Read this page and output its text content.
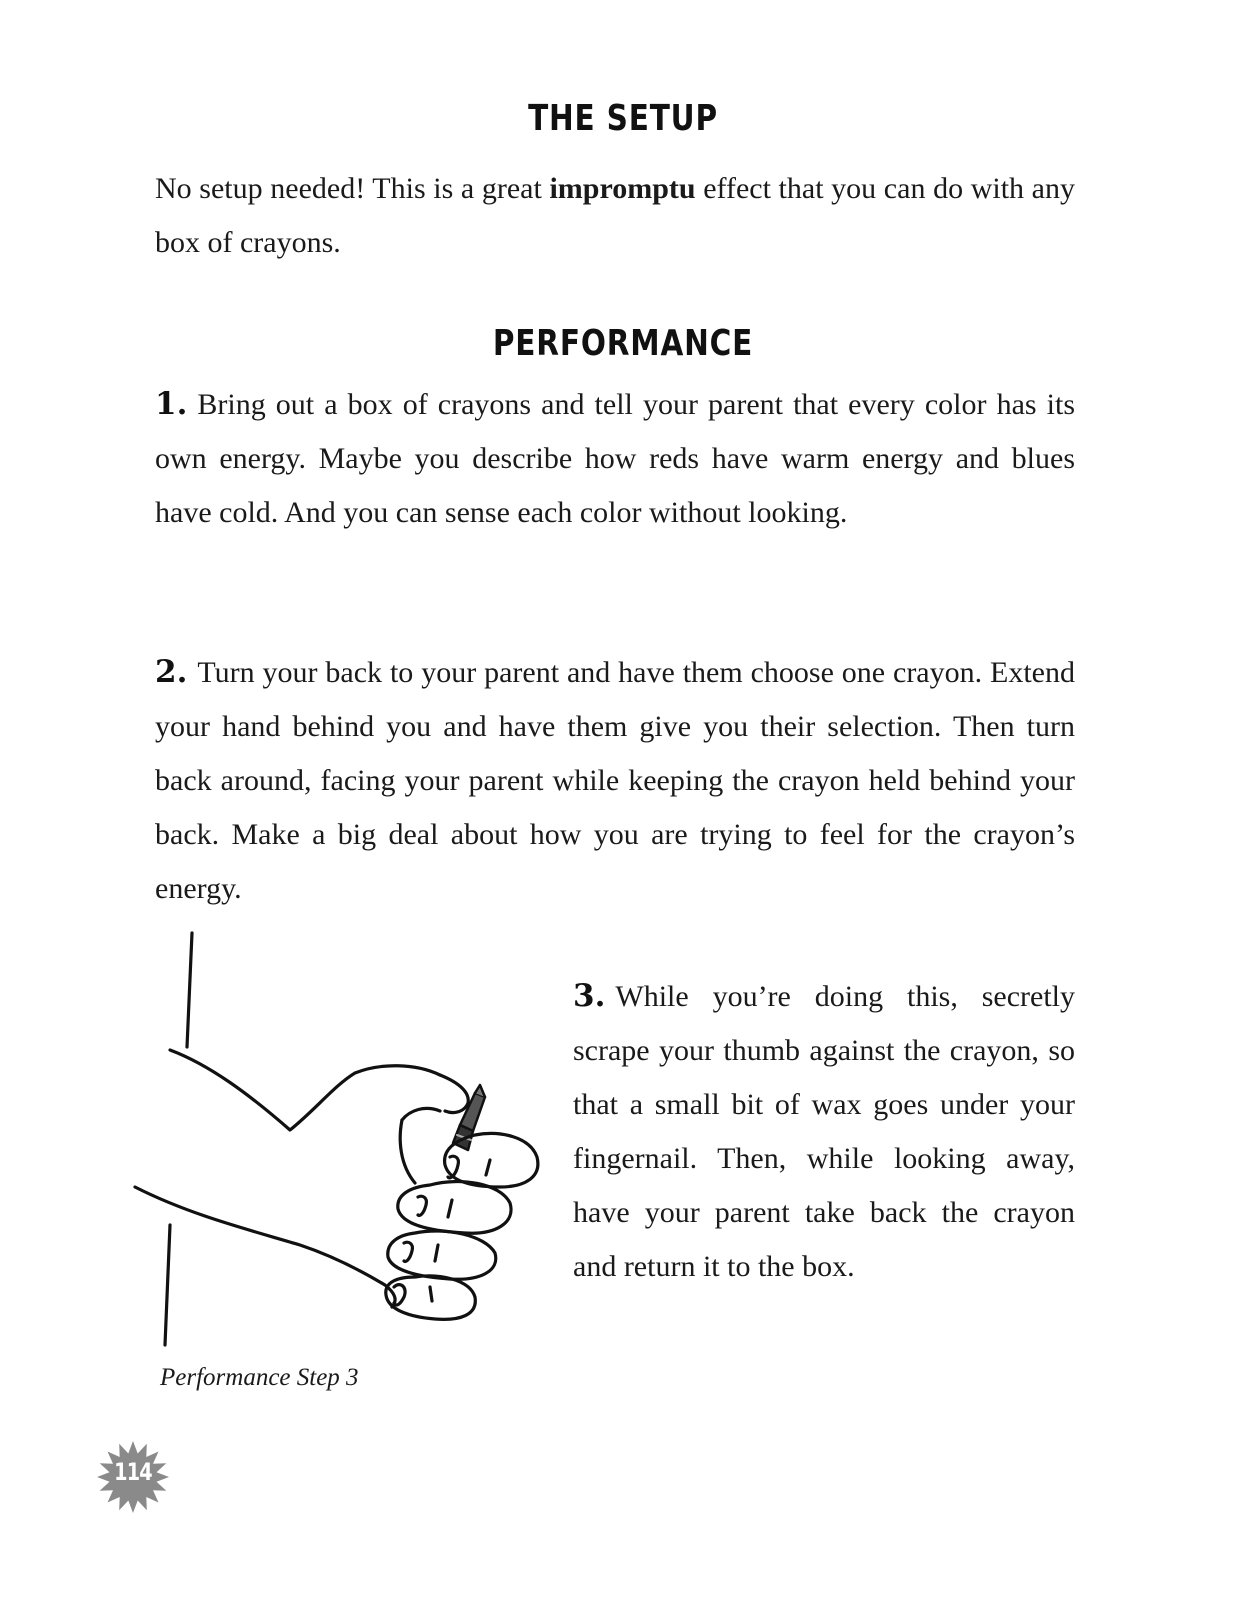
THE SETUP
No setup needed! This is a great impromptu effect that you can do with any box of crayons.
PERFORMANCE
1. Bring out a box of crayons and tell your parent that every color has its own energy. Maybe you describe how reds have warm energy and blues have cold. And you can sense each color without looking.
2. Turn your back to your parent and have them choose one crayon. Extend your hand behind you and have them give you their selection. Then turn back around, facing your parent while keeping the crayon held behind your back. Make a big deal about how you are trying to feel for the crayon’s energy.
3. While you’re doing this, secretly scrape your thumb against the crayon, so that a small bit of wax goes under your fingernail. Then, while looking away, have your parent take back the crayon and return it to the box.
Performance Step 3
114
